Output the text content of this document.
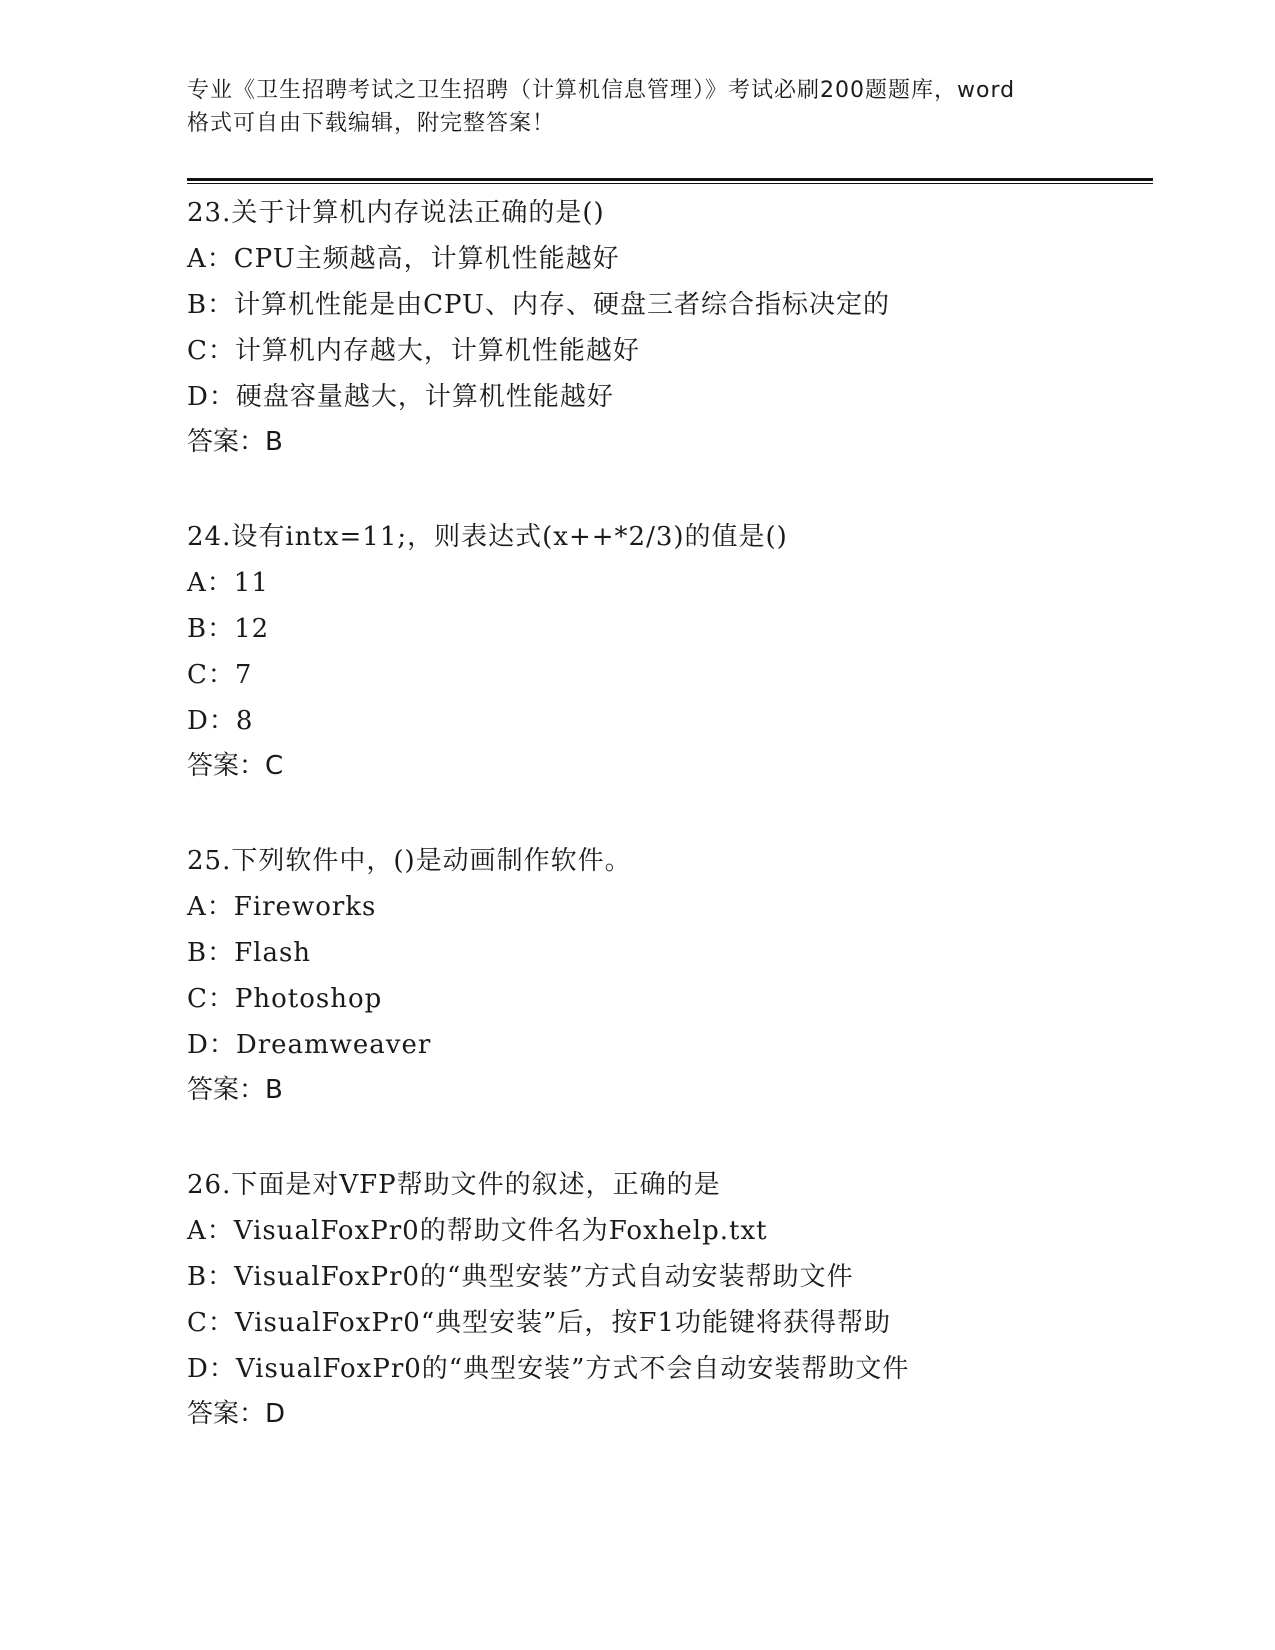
专业《卫生招聘考试之卫生招聘（计算机信息管理）》考试必刷200题题库，word
格式可自由下载编辑，附完整答案！
23.关于计算机内存说法正确的是()
A：CPU主频越高，计算机性能越好
B：计算机性能是由CPU、内存、硬盘三者综合指标决定的
C：计算机内存越大，计算机性能越好
D：硬盘容量越大，计算机性能越好
答案：B
24.设有intx=11;，则表达式(x++*2/3)的值是()
A：11
B：12
C：7
D：8
答案：C
25.下列软件中，()是动画制作软件。
A：Fireworks
B：Flash
C：Photoshop
D：Dreamweaver
答案：B
26.下面是对VFP帮助文件的叙述，正确的是
A：VisualFoxPr0的帮助文件名为Foxhelp.txt
B：VisualFoxPr0的“典型安装”方式自动安装帮助文件
C：VisualFoxPr0“典型安装”后，按F1功能键将获得帮助
D：VisualFoxPr0的“典型安装”方式不会自动安装帮助文件
答案：D
